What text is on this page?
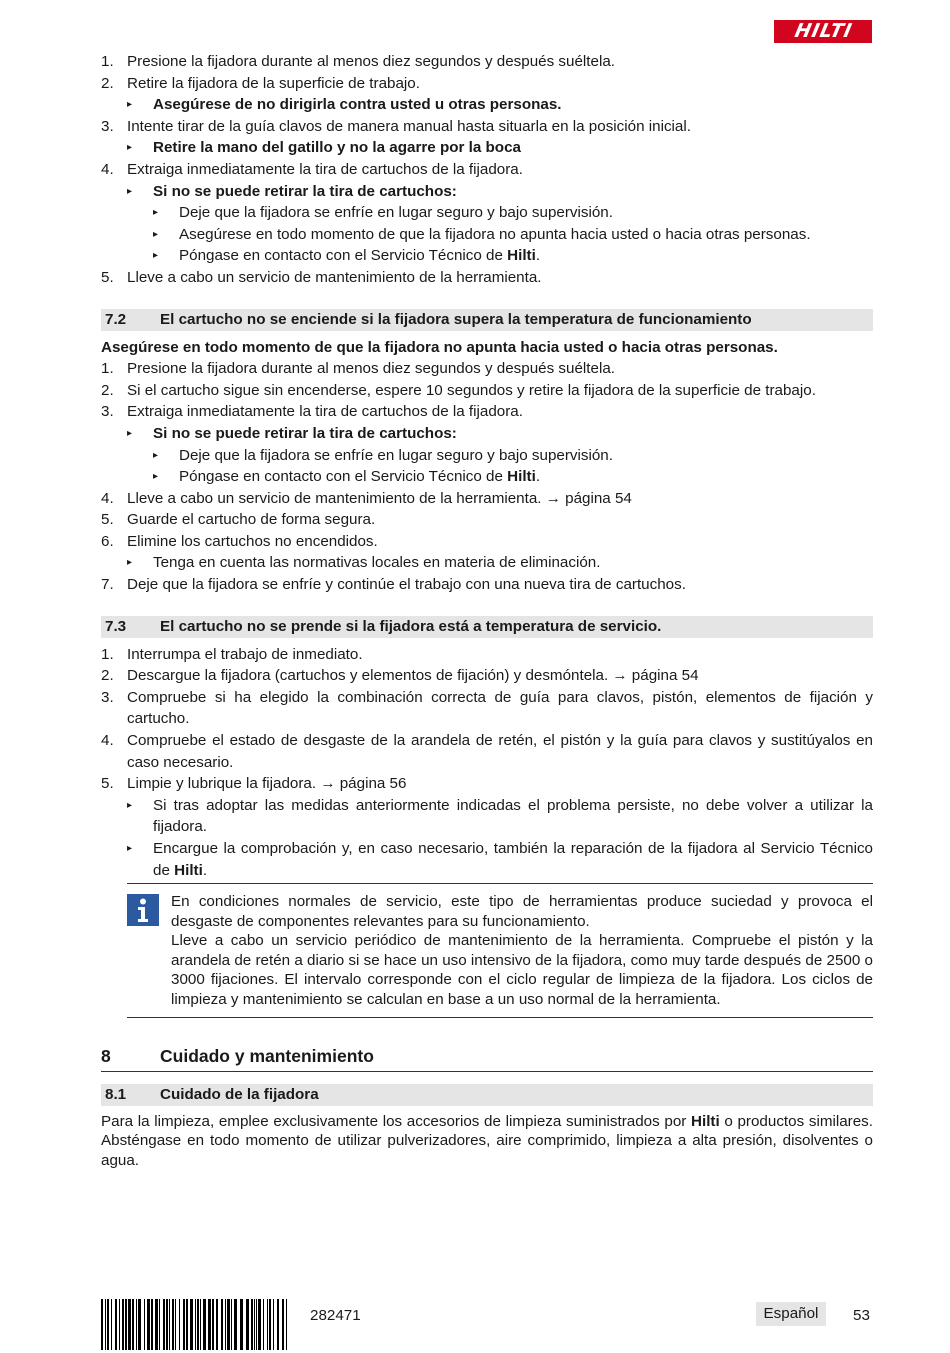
HILTI
1. Presione la fijadora durante al menos diez segundos y después suéltela.
2. Retire la fijadora de la superficie de trabajo.
▸ Asegúrese de no dirigirla contra usted u otras personas.
3. Intente tirar de la guía clavos de manera manual hasta situarla en la posición inicial.
▸ Retire la mano del gatillo y no la agarre por la boca
4. Extraiga inmediatamente la tira de cartuchos de la fijadora.
▸ Si no se puede retirar la tira de cartuchos:
▸ Deje que la fijadora se enfríe en lugar seguro y bajo supervisión.
▸ Asegúrese en todo momento de que la fijadora no apunta hacia usted o hacia otras personas.
▸ Póngase en contacto con el Servicio Técnico de Hilti.
5. Lleve a cabo un servicio de mantenimiento de la herramienta.
7.2	El cartucho no se enciende si la fijadora supera la temperatura de funcionamiento
Asegúrese en todo momento de que la fijadora no apunta hacia usted o hacia otras personas.
1. Presione la fijadora durante al menos diez segundos y después suéltela.
2. Si el cartucho sigue sin encenderse, espere 10 segundos y retire la fijadora de la superficie de trabajo.
3. Extraiga inmediatamente la tira de cartuchos de la fijadora.
▸ Si no se puede retirar la tira de cartuchos:
▸ Deje que la fijadora se enfríe en lugar seguro y bajo supervisión.
▸ Póngase en contacto con el Servicio Técnico de Hilti.
4. Lleve a cabo un servicio de mantenimiento de la herramienta. → página 54
5. Guarde el cartucho de forma segura.
6. Elimine los cartuchos no encendidos.
▸ Tenga en cuenta las normativas locales en materia de eliminación.
7. Deje que la fijadora se enfríe y continúe el trabajo con una nueva tira de cartuchos.
7.3	El cartucho no se prende si la fijadora está a temperatura de servicio.
1. Interrumpa el trabajo de inmediato.
2. Descargue la fijadora (cartuchos y elementos de fijación) y desmóntela. → página 54
3. Compruebe si ha elegido la combinación correcta de guía para clavos, pistón, elementos de fijación y cartucho.
4. Compruebe el estado de desgaste de la arandela de retén, el pistón y la guía para clavos y sustitúyalos en caso necesario.
5. Limpie y lubrique la fijadora. → página 56
▸ Si tras adoptar las medidas anteriormente indicadas el problema persiste, no debe volver a utilizar la fijadora.
▸ Encargue la comprobación y, en caso necesario, también la reparación de la fijadora al Servicio Técnico de Hilti.
En condiciones normales de servicio, este tipo de herramientas produce suciedad y provoca el desgaste de componentes relevantes para su funcionamiento.
Lleve a cabo un servicio periódico de mantenimiento de la herramienta. Compruebe el pistón y la arandela de retén a diario si se hace un uso intensivo de la fijadora, como muy tarde después de 2500 o 3000 fijaciones. El intervalo corresponde con el ciclo regular de limpieza de la fijadora. Los ciclos de limpieza y mantenimiento se calculan en base a un uso normal de la herramienta.
8	Cuidado y mantenimiento
8.1	Cuidado de la fijadora
Para la limpieza, emplee exclusivamente los accesorios de limpieza suministrados por Hilti o productos similares. Absténgase en todo momento de utilizar pulverizadores, aire comprimido, limpieza a alta presión, disolventes o agua.
282471	Español	53
